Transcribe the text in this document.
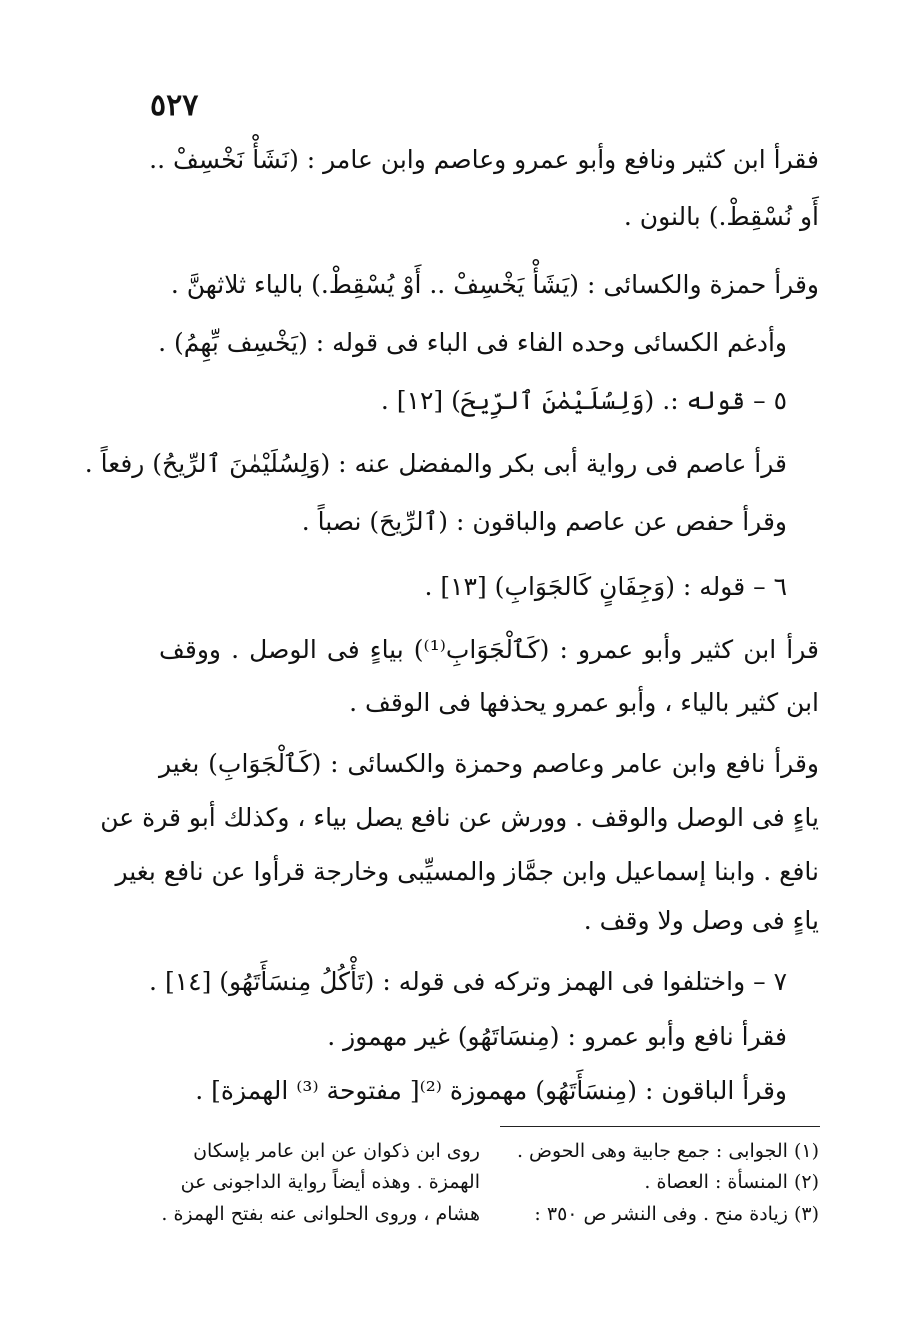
٥٢٧
فقرأ ابن كثير ونافع وأبو عمرو وعاصم وابن عامر : (نَشَأْ نَخْسِفْ ..
أَو نُسْقِطْ.) بالنون .
وقرأ حمزة والكسائى : (يَشَأْ يَخْسِفْ .. أَوْ يُسْقِطْ.) بالياء ثلاثهنَّ .
وأدغم الكسائى وحده الفاء فى الباء فى قوله : (يَخْسِف بِّهِمُ) .
٥ – قوله :. (وَلِسُلَيْمٰنَ ٱلرِّيحَ) [١٢] .
قرأ عاصم فى رواية أبى بكر والمفضل عنه : (وَلِسُلَيْمٰنَ ٱلرِّيحُ) رفعاً .
وقرأ حفص عن عاصم والباقون : (ٱلرِّيحَ) نصباً .
٦ – قوله : (وَجِفَانٍ كَالجَوَابِ) [١٣] .
قرأ ابن كثير وأبو عمرو : (كَٱلْجَوَابِ⁽¹⁾) بياءٍ فى الوصل . ووقف
ابن كثير بالياء ، وأبو عمرو يحذفها فى الوقف .
وقرأ نافع وابن عامر وعاصم وحمزة والكسائى : (كَٱلْجَوَابِ) بغير
ياءٍ فى الوصل والوقف . وورش عن نافع يصل بياء ، وكذلك أبو قرة عن
نافع . وابنا إسماعيل وابن جمَّاز والمسيِّبى وخارجة قرأوا عن نافع بغير
ياءٍ فى وصل ولا وقف .
٧ – واختلفوا فى الهمز وتركه فى قوله : (تَأْكُلُ مِنسَأَتَهُو) [١٤] .
فقرأ نافع وأبو عمرو : (مِنسَاتَهُو) غير مهموز .
وقرأ الباقون : (مِنسَأَتَهُو) مهموزة ⁽²⁾[ مفتوحة ⁽³⁾ الهمزة] .
(١) الجوابى : جمع جابية وهى الحوض .
(٢) المنسأة : العصاة .
(٣) زيادة منح . وفى النشر ص ٣٥٠ :
روى ابن ذكوان عن ابن عامر بإسكان
الهمزة . وهذه أيضاً رواية الداجونى عن
هشام ، وروى الحلوانى عنه بفتح الهمزة .
